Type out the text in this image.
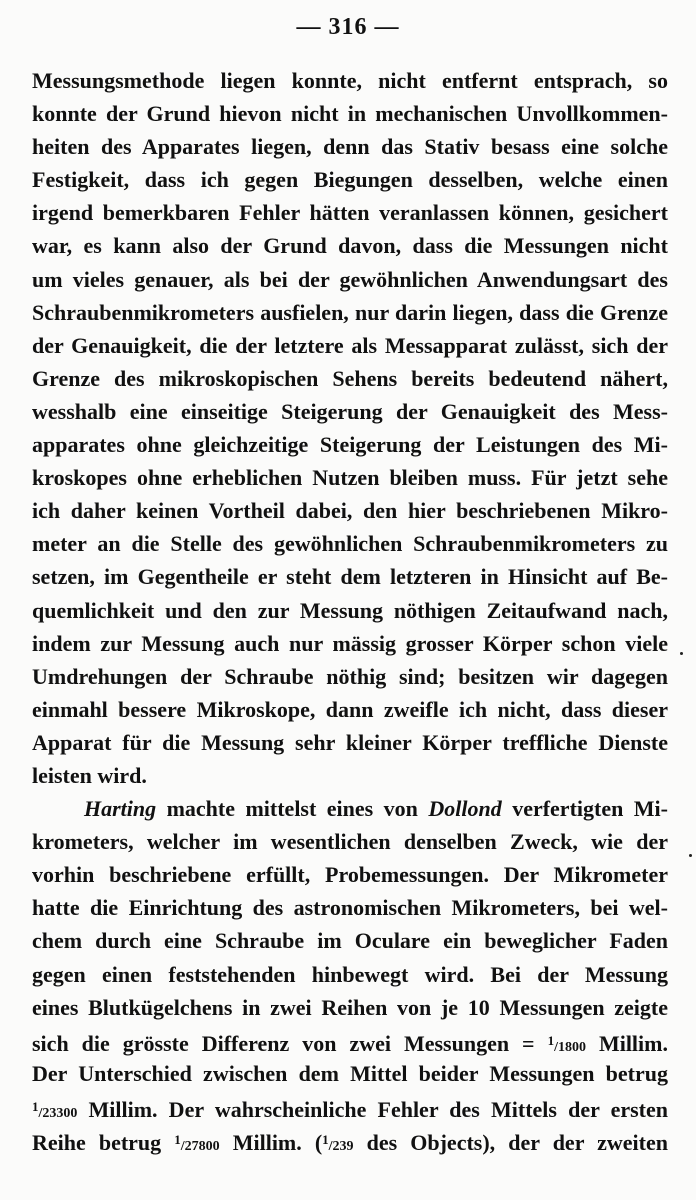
— 316 —
Messungsmethode liegen konnte, nicht entfernt entsprach, so
konnte der Grund hievon nicht in mechanischen Unvollkommen-
heiten des Apparates liegen, denn das Stativ besass eine solche
Festigkeit, dass ich gegen Biegungen desselben, welche einen
irgend bemerkbaren Fehler hätten veranlassen können, gesichert
war, es kann also der Grund davon, dass die Messungen nicht
um vieles genauer, als bei der gewöhnlichen Anwendungsart des
Schraubenmikrometers ausfielen, nur darin liegen, dass die Grenze
der Genauigkeit, die der letztere als Messapparat zulässt, sich der
Grenze des mikroskopischen Sehens bereits bedeutend nähert,
wesshalb eine einseitige Steigerung der Genauigkeit des Mess-
apparates ohne gleichzeitige Steigerung der Leistungen des Mi-
kroskopes ohne erheblichen Nutzen bleiben muss. Für jetzt sehe
ich daher keinen Vortheil dabei, den hier beschriebenen Mikro-
meter an die Stelle des gewöhnlichen Schraubenmikrometers zu
setzen, im Gegentheile er steht dem letzteren in Hinsicht auf Be-
quemlichkeit und den zur Messung nöthigen Zeitaufwand nach,
indem zur Messung auch nur mässig grosser Körper schon viele
Umdrehungen der Schraube nöthig sind; besitzen wir dagegen
einmahl bessere Mikroskope, dann zweifle ich nicht, dass dieser
Apparat für die Messung sehr kleiner Körper treffliche Dienste
leisten wird.
Harting machte mittelst eines von Dollond verfertigten Mi-
krometers, welcher im wesentlichen denselben Zweck, wie der
vorhin beschriebene erfüllt, Probemessungen. Der Mikrometer
hatte die Einrichtung des astronomischen Mikrometers, bei wel-
chem durch eine Schraube im Oculare ein beweglicher Faden
gegen einen feststehenden hinbewegt wird. Bei der Messung
eines Blutkügelchens in zwei Reihen von je 10 Messungen zeigte
sich die grösste Differenz von zwei Messungen = $^1$/1800 Millim.
Der Unterschied zwischen dem Mittel beider Messungen betrug
$^1$/23300 Millim. Der wahrscheinliche Fehler des Mittels der ersten
Reihe betrug $^1$/27800 Millim. ($^1$/239 des Objects), der der zweiten
